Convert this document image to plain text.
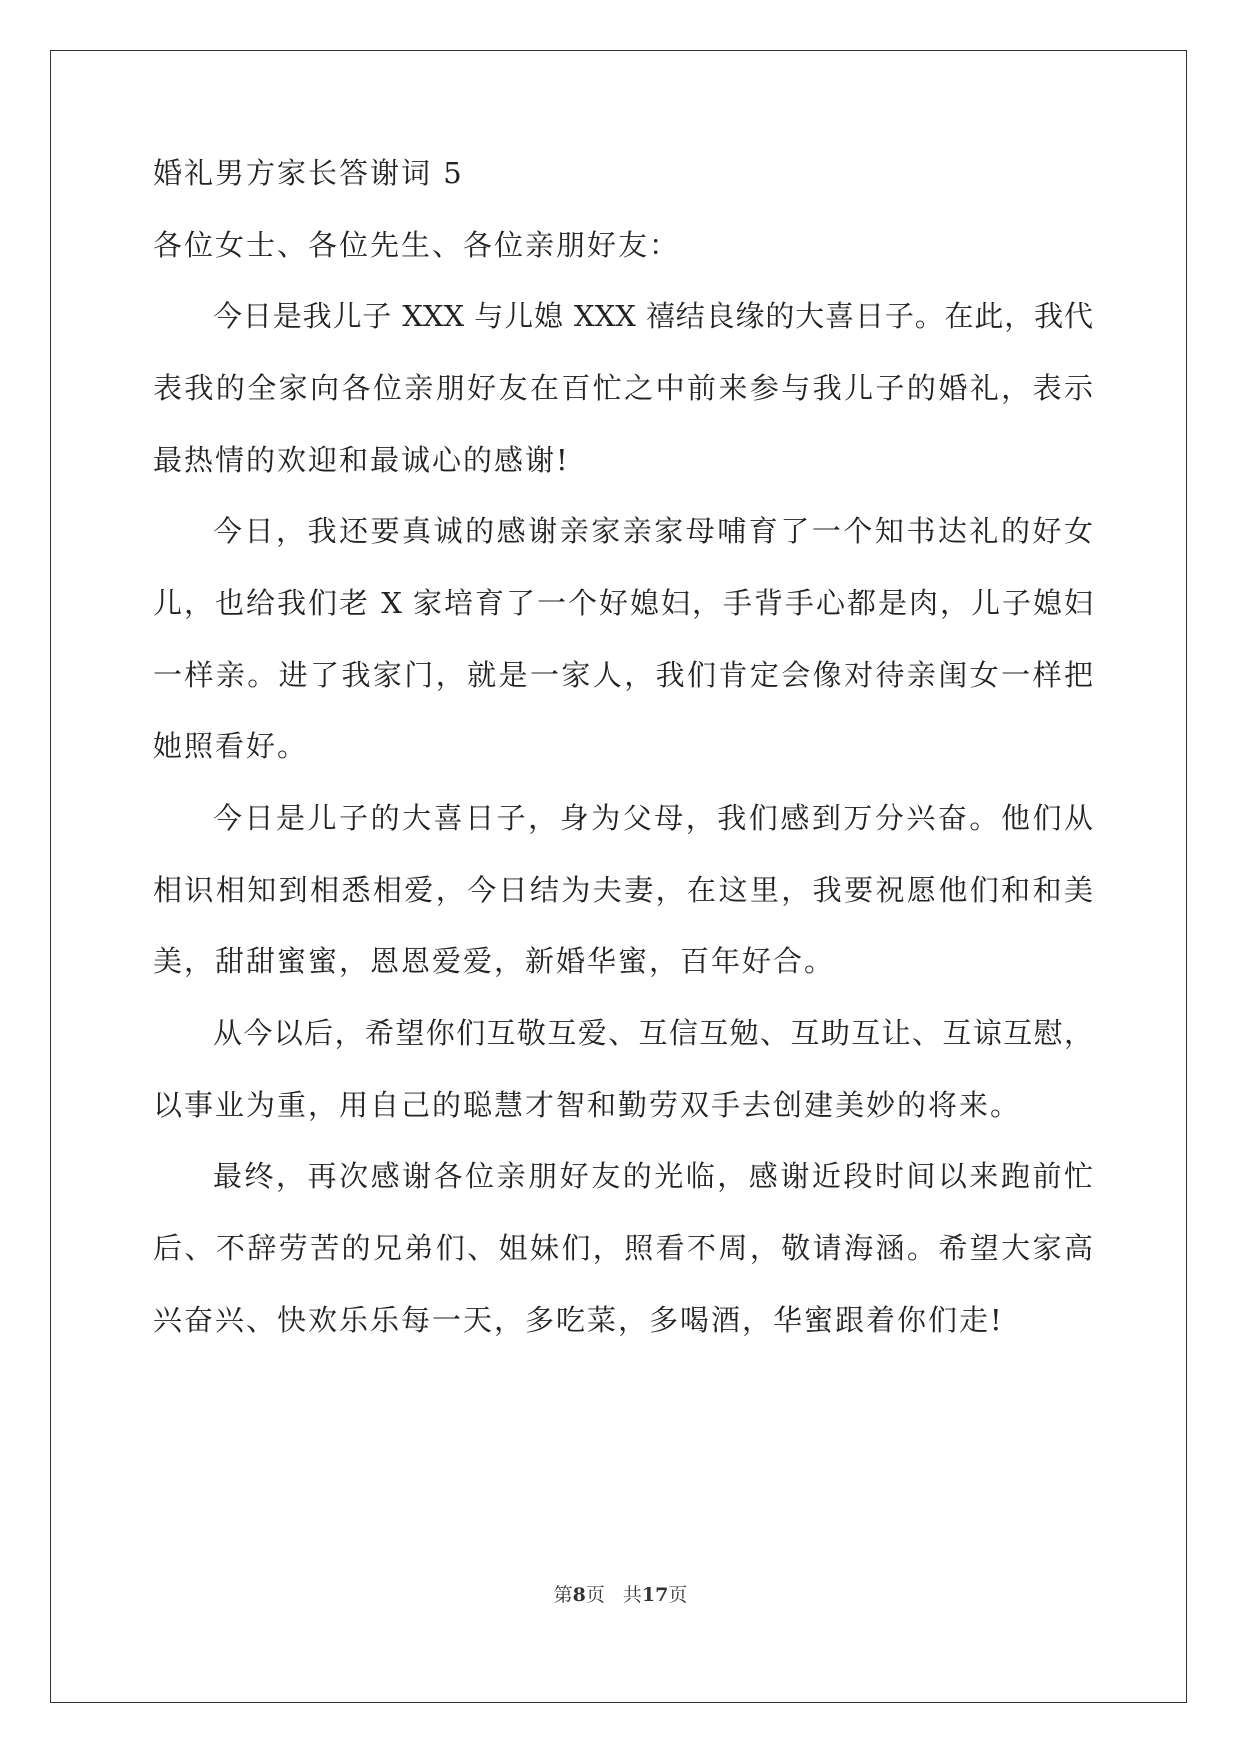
婚礼男方家长答谢词 5
各位女士、各位先生、各位亲朋好友：
今日是我儿子 XXX 与儿媳 XXX 禧结良缘的大喜日子。在此，我代
表我的全家向各位亲朋好友在百忙之中前来参与我儿子的婚礼，表示
最热情的欢迎和最诚心的感谢!
今日，我还要真诚的感谢亲家亲家母哺育了一个知书达礼的好女
儿，也给我们老 X 家培育了一个好媳妇，手背手心都是肉，儿子媳妇
一样亲。进了我家门，就是一家人，我们肯定会像对待亲闺女一样把
她照看好。
今日是儿子的大喜日子，身为父母，我们感到万分兴奋。他们从
相识相知到相悉相爱，今日结为夫妻，在这里，我要祝愿他们和和美
美，甜甜蜜蜜，恩恩爱爱，新婚华蜜，百年好合。
从今以后，希望你们互敬互爱、互信互勉、互助互让、互谅互慰，
以事业为重，用自己的聪慧才智和勤劳双手去创建美妙的将来。
最终，再次感谢各位亲朋好友的光临，感谢近段时间以来跑前忙
后、不辞劳苦的兄弟们、姐妹们，照看不周，敬请海涵。希望大家高
兴奋兴、快欢乐乐每一天，多吃菜，多喝酒，华蜜跟着你们走!
第8页 共17页
